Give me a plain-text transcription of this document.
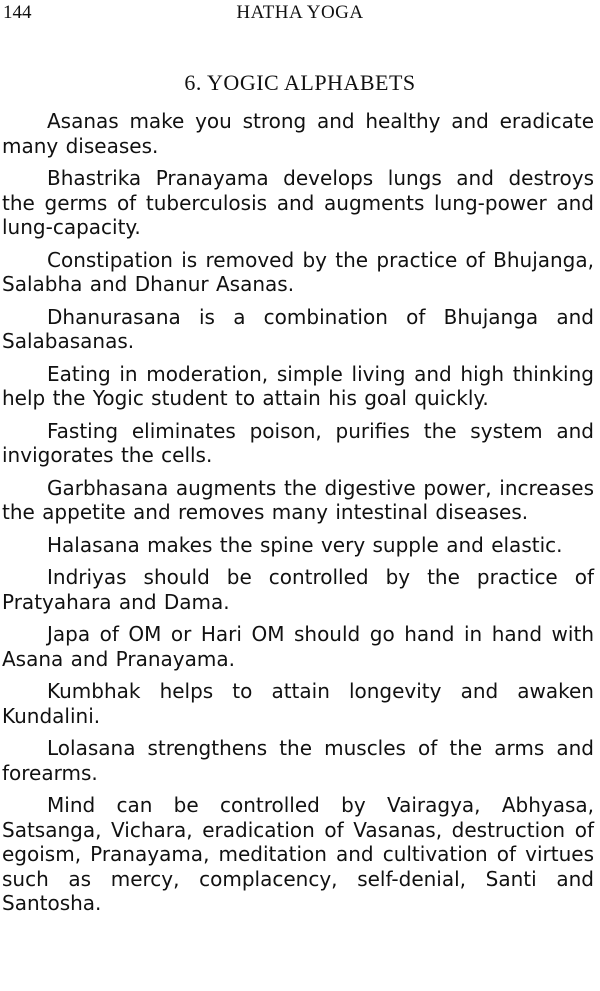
144	HATHA YOGA
6. YOGIC ALPHABETS

Asanas make you strong and healthy and eradicate many diseases.

Bhastrika Pranayama develops lungs and destroys the germs of tuberculosis and augments lung-power and lung-capacity.

Constipation is removed by the practice of Bhujanga, Salabha and Dhanur Asanas.

Dhanurasana is a combination of Bhujanga and Salabasanas.

Eating in moderation, simple living and high thinking help the Yogic student to attain his goal quickly.

Fasting eliminates poison, purifies the system and invigorates the cells.

Garbhasana augments the digestive power, increases the appetite and removes many intestinal diseases.

Halasana makes the spine very supple and elastic.

Indriyas should be controlled by the practice of Pratyahara and Dama.

Japa of OM or Hari OM should go hand in hand with Asana and Pranayama.

Kumbhak helps to attain longevity and awaken Kundalini.

Lolasana strengthens the muscles of the arms and forearms.

Mind can be controlled by Vairagya, Abhyasa, Satsanga, Vichara, eradication of Vasanas, destruction of egoism, Pranayama, meditation and cultivation of virtues such as mercy, complacency, self-denial, Santi and Santosha.
